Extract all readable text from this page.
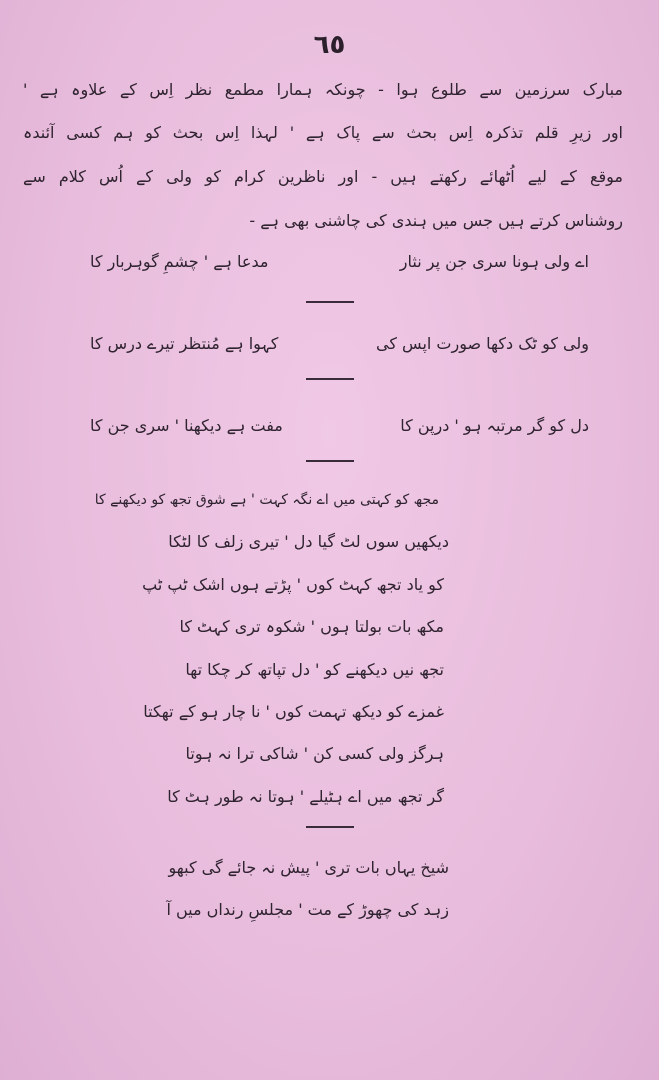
٦٥
مبارک سرزمین سے طلوع ہوا - چونکہ ہمارا مطمع نظر اِس کے علاوہ ہے '
اور زیرِ قلم تذکرہ اِس بحث سے پاک ہے ' لہذا اِس بحث کو ہم کسی آئندہ
موقع کے لیے اُٹھائے رکھتے ہیں - اور ناظرین کرام کو ولی کے اُس کلام سے
روشناس کرتے ہیں جس میں ہندی کی چاشنی بھی ہے -
اے ولی ہونا سری جن پر نثار
مدعا ہے ' چشمِ گوہربار کا
ولی کو ٹک دکھا صورت اپس کی
کہوا ہے مُنتظر تیرے درس کا
دل کو گر مرتبہ ہو ' درپن کا
مفت ہے دیکھنا ' سری جن کا
مجھ کو کہتی میں اے نگہ کہت ' ہے شوق تجھ کو دیکھنے کا
دیکھیں سوں لٹ گیا دل ' تیری زلف کا لٹکا
کو یاد تجھ کہٹ کوں ' پڑتے ہوں اشک ٹپ ٹپ
مکھ بات بولتا ہوں ' شکوہ تری کہٹ کا
تجھ نیں دیکھنے کو ' دل تپاتھ کر چکا تھا
غمزے کو دیکھ تہمت کوں ' نا چار ہو کے تھکتا
ہرگز ولی کسی کن ' شاکی ترا نہ ہوتا
گر تجھ میں اے ہٹیلے ' ہوتا نہ طور ہٹ کا
شیخ یہاں بات تری ' پیش نہ جائے گی کبھو
زہد کی چھوڑ کے مت ' مجلسِ رنداں میں آ
